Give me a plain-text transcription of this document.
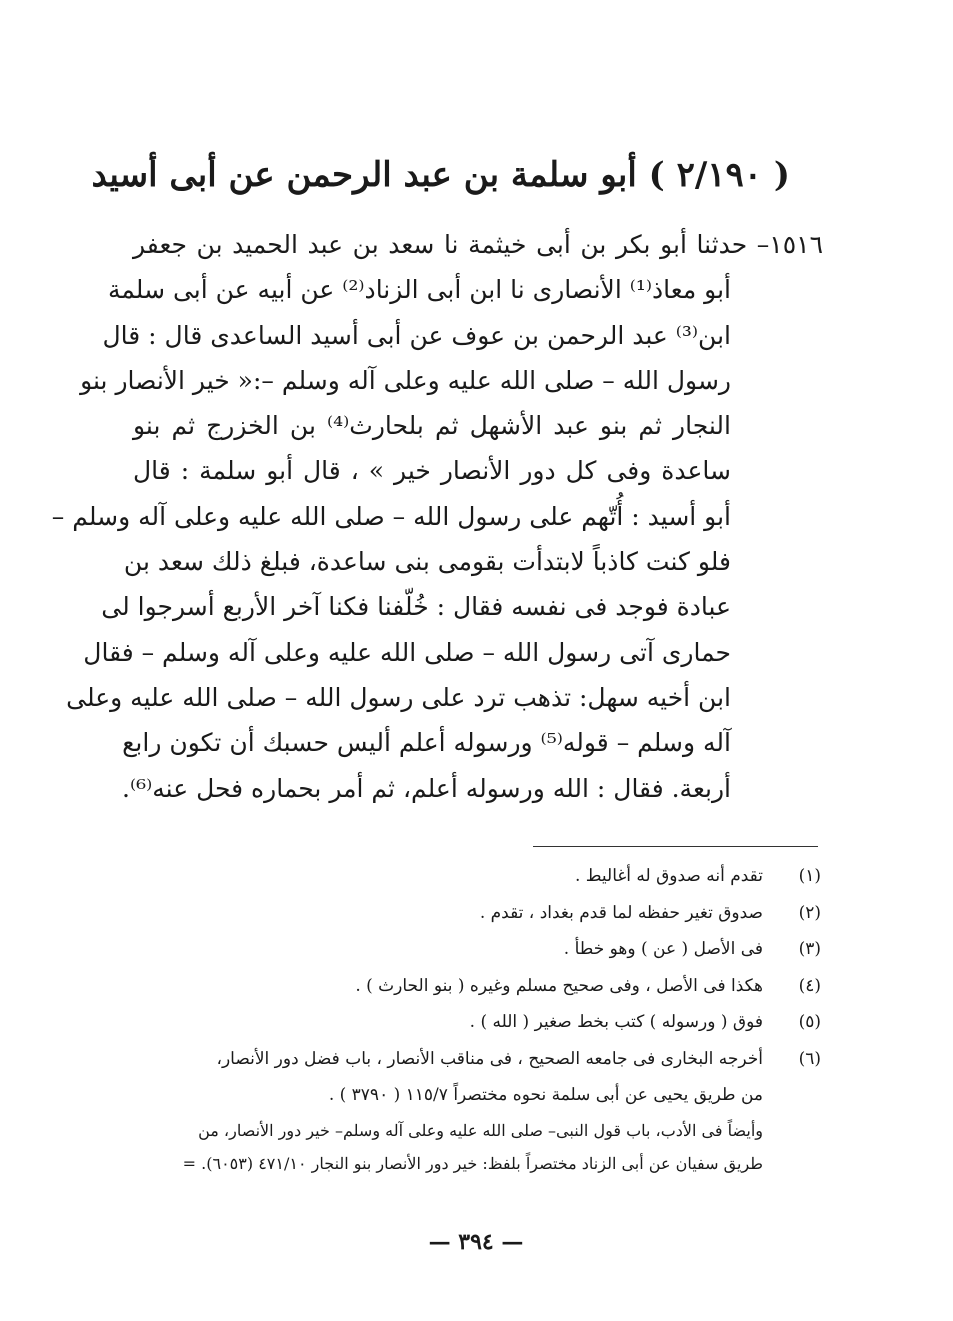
( ٢/١٩٠ ) أبو سلمة بن عبد الرحمن عن أبى أسيد
١٥١٦– حدثنا أبو بكر بن أبى خيثمة نا سعد بن عبد الحميد بن جعفر
أبو معاذ⁽¹⁾ الأنصارى نا ابن أبى الزناد⁽²⁾ عن أبيه عن أبى سلمة
ابن⁽³⁾ عبد الرحمن بن عوف عن أبى أسيد الساعدى قال : قال
رسول الله – صلى الله عليه وعلى آله وسلم –:« خير الأنصار بنو
النجار ثم بنو عبد الأشهل ثم بلحارث⁽⁴⁾ بن الخزرج ثم بنو
ساعدة وفى كل دور الأنصار خير » ، قال أبو سلمة : قال
أبو أسيد : أُتّهم على رسول الله – صلى الله عليه وعلى آله وسلم –
فلو كنت كاذباً لابتدأت بقومى بنى ساعدة، فبلغ ذلك سعد بن
عبادة فوجد فى نفسه فقال : خُلّفنا فكنا آخر الأربع أسرجوا لى
حمارى آتى رسول الله – صلى الله عليه وعلى آله وسلم – فقال
ابن أخيه سهل: تذهب ترد على رسول الله – صلى الله عليه وعلى
آله وسلم – قوله⁽⁵⁾ ورسوله أعلم أليس حسبك أن تكون رابع
أربعة. فقال : الله ورسوله أعلم، ثم أمر بحماره فحل عنه⁽⁶⁾.
(١)
تقدم أنه صدوق له أغاليط .
(٢)
صدوق تغير حفظه لما قدم بغداد ، تقدم .
(٣)
فى الأصل ( عن ) وهو خطأ .
(٤)
هكذا فى الأصل ، وفى صحيح مسلم وغيره ( بنو الحارث ) .
(٥)
فوق ( ورسوله ) كتب بخط صغير ( الله ) .
(٦)
أخرجه البخارى فى جامعه الصحيح ، فى مناقب الأنصار ، باب فضل دور الأنصار،
من طريق يحيى عن أبى سلمة نحوه مختصراً ١١٥/٧ ( ٣٧٩٠ ) .
وأيضاً فى الأدب، باب قول النبى– صلى الله عليه وعلى آله وسلم– خير دور الأنصار، من
طريق سفيان عن أبى الزناد مختصراً بلفظ: خير دور الأنصار بنو النجار ٤٧١/١٠ (٦٠٥٣). =
— ٣٩٤ —
